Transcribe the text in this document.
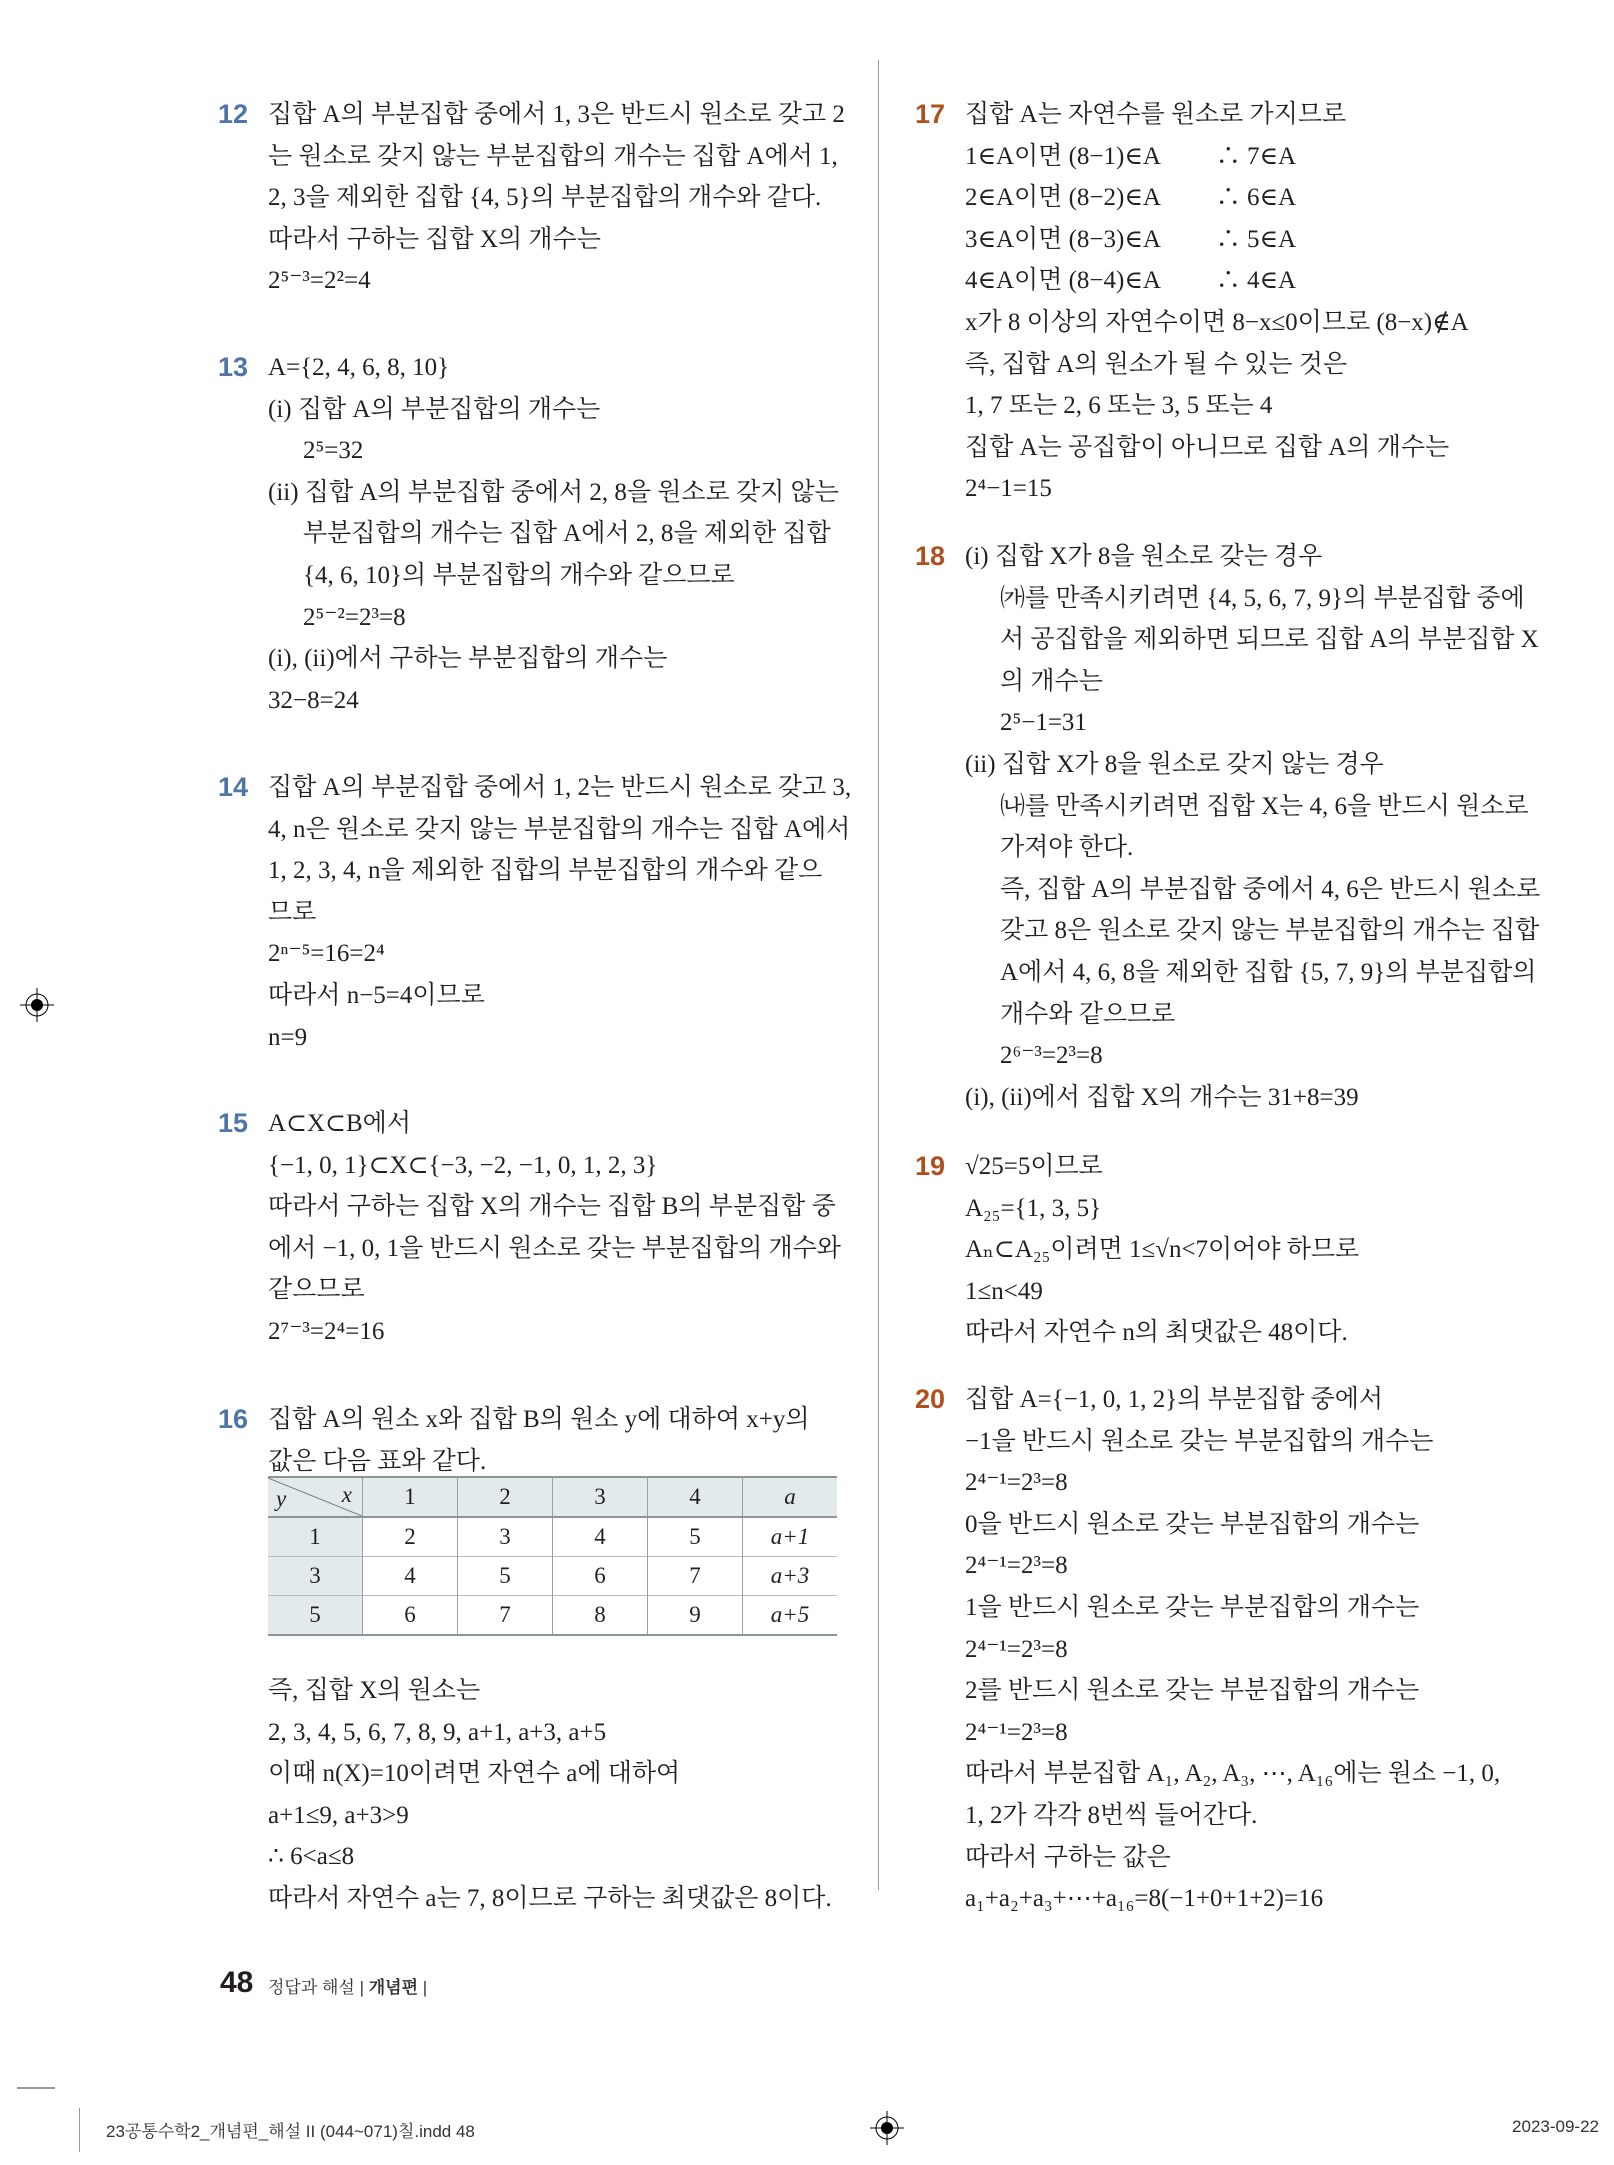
12 집합 A의 부분집합 중에서 1, 3은 반드시 원소로 갖고 2
는 원소로 갖지 않는 부분집합의 개수는 집합 A에서 1,
2, 3을 제외한 집합 {4, 5}의 부분집합의 개수와 같다.
따라서 구하는 집합 X의 개수는
2⁵⁻³=2²=4
13 A={2, 4, 6, 8, 10}
(i) 집합 A의 부분집합의 개수는
2⁵=32
(ii) 집합 A의 부분집합 중에서 2, 8을 원소로 갖지 않는
부분집합의 개수는 집합 A에서 2, 8을 제외한 집합
{4, 6, 10}의 부분집합의 개수와 같으므로
2⁵⁻²=2³=8
(i), (ii)에서 구하는 부분집합의 개수는
32−8=24
14 집합 A의 부분집합 중에서 1, 2는 반드시 원소로 갖고 3,
4, n은 원소로 갖지 않는 부분집합의 개수는 집합 A에서
1, 2, 3, 4, n을 제외한 집합의 부분집합의 개수와 같으
므로
2ⁿ⁻⁵=16=2⁴
따라서 n−5=4이므로
n=9
15 A⊂X⊂B에서
{−1, 0, 1}⊂X⊂{−3, −2, −1, 0, 1, 2, 3}
따라서 구하는 집합 X의 개수는 집합 B의 부분집합 중
에서 −1, 0, 1을 반드시 원소로 갖는 부분집합의 개수와
같으므로
2⁷⁻³=2⁴=16
16 집합 A의 원소 x와 집합 B의 원소 y에 대하여 x+y의
값은 다음 표와 같다.
즉, 집합 X의 원소는
2, 3, 4, 5, 6, 7, 8, 9, a+1, a+3, a+5
이때 n(X)=10이려면 자연수 a에 대하여
a+1≤9, a+3>9
∴ 6<a≤8
따라서 자연수 a는 7, 8이므로 구하는 최댓값은 8이다.
17 집합 A는 자연수를 원소로 가지므로
1∈A이면 (8−1)∈A　　 ∴ 7∈A
2∈A이면 (8−2)∈A　　 ∴ 6∈A
3∈A이면 (8−3)∈A　　 ∴ 5∈A
4∈A이면 (8−4)∈A　　 ∴ 4∈A
x가 8 이상의 자연수이면 8−x≤0이므로 (8−x)∉A
즉, 집합 A의 원소가 될 수 있는 것은
1, 7 또는 2, 6 또는 3, 5 또는 4
집합 A는 공집합이 아니므로 집합 A의 개수는
2⁴−1=15
18 (i) 집합 X가 8을 원소로 갖는 경우
㈎를 만족시키려면 {4, 5, 6, 7, 9}의 부분집합 중에
서 공집합을 제외하면 되므로 집합 A의 부분집합 X
의 개수는
2⁵−1=31
(ii) 집합 X가 8을 원소로 갖지 않는 경우
㈏를 만족시키려면 집합 X는 4, 6을 반드시 원소로
가져야 한다.
즉, 집합 A의 부분집합 중에서 4, 6은 반드시 원소로
갖고 8은 원소로 갖지 않는 부분집합의 개수는 집합
A에서 4, 6, 8을 제외한 집합 {5, 7, 9}의 부분집합의
개수와 같으므로
2⁶⁻³=2³=8
(i), (ii)에서 집합 X의 개수는 31+8=39
19 √25=5이므로
A₂₅={1, 3, 5}
Aₙ⊂A₂₅이려면 1≤√n<7이어야 하므로
1≤n<49
따라서 자연수 n의 최댓값은 48이다.
20 집합 A={−1, 0, 1, 2}의 부분집합 중에서
−1을 반드시 원소로 갖는 부분집합의 개수는
2⁴⁻¹=2³=8
0을 반드시 원소로 갖는 부분집합의 개수는
2⁴⁻¹=2³=8
1을 반드시 원소로 갖는 부분집합의 개수는
2⁴⁻¹=2³=8
2를 반드시 원소로 갖는 부분집합의 개수는
2⁴⁻¹=2³=8
따라서 부분집합 A₁, A₂, A₃, ⋯, A₁₆에는 원소 −1, 0,
1, 2가 각각 8번씩 들어간다.
따라서 구하는 값은
a₁+a₂+a₃+⋯+a₁₆=8(−1+0+1+2)=16
y x	1	2	3	4	a
1	2	3	4	5	a+1
3	4	5	6	7	a+3
5	6	7	8	9	a+5
48 정답과 해설 | 개념편 |
23공통수학2_개념편_해설 II (044~071)칠.indd 48	2023-09-22
